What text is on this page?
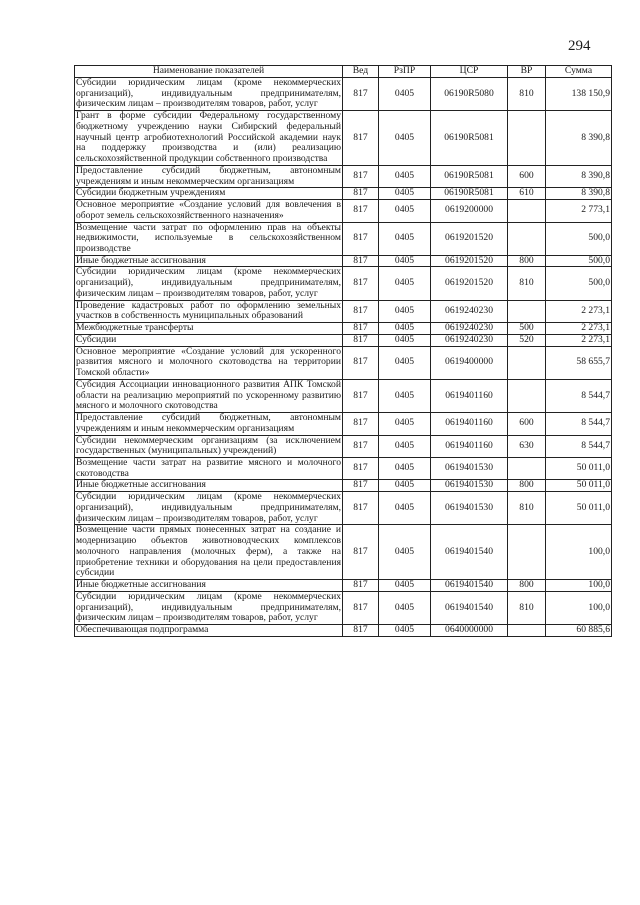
294
Наименование показателей	Вед	РзПР	ЦСР	ВР	Сумма
Субсидии юридическим лицам (кроме некоммерческих организаций), индивидуальным предпринимателям, физическим лицам – производителям товаров, работ, услуг	817	0405	06190R5080	810	138 150,9
Грант в форме субсидии Федеральному государственному бюджетному учреждению науки Сибирский федеральный научный центр агробиотехнологий Российской академии наук на поддержку производства и (или) реализацию сельскохозяйственной продукции собственного производства	817	0405	06190R5081		8 390,8
Предоставление субсидий бюджетным, автономным учреждениям и иным некоммерческим организациям	817	0405	06190R5081	600	8 390,8
Субсидии бюджетным учреждениям	817	0405	06190R5081	610	8 390,8
Основное мероприятие «Создание условий для вовлечения в оборот земель сельскохозяйственного назначения»	817	0405	0619200000		2 773,1
Возмещение части затрат по оформлению прав на объекты недвижимости, используемые в сельскохозяйственном производстве	817	0405	0619201520		500,0
Иные бюджетные ассигнования	817	0405	0619201520	800	500,0
Субсидии юридическим лицам (кроме некоммерческих организаций), индивидуальным предпринимателям, физическим лицам – производителям товаров, работ, услуг	817	0405	0619201520	810	500,0
Проведение кадастровых работ по оформлению земельных участков в собственность муниципальных образований	817	0405	0619240230		2 273,1
Межбюджетные трансферты	817	0405	0619240230	500	2 273,1
Субсидии	817	0405	0619240230	520	2 273,1
Основное мероприятие «Создание условий для ускоренного развития мясного и молочного скотоводства на территории Томской области»	817	0405	0619400000		58 655,7
Субсидия Ассоциации инновационного развития АПК Томской области на реализацию мероприятий по ускоренному развитию мясного и молочного скотоводства	817	0405	0619401160		8 544,7
Предоставление субсидий бюджетным, автономным учреждениям и иным некоммерческим организациям	817	0405	0619401160	600	8 544,7
Субсидии некоммерческим организациям (за исключением государственных (муниципальных) учреждений)	817	0405	0619401160	630	8 544,7
Возмещение части затрат на развитие мясного и молочного скотоводства	817	0405	0619401530		50 011,0
Иные бюджетные ассигнования	817	0405	0619401530	800	50 011,0
Субсидии юридическим лицам (кроме некоммерческих организаций), индивидуальным предпринимателям, физическим лицам – производителям товаров, работ, услуг	817	0405	0619401530	810	50 011,0
Возмещение части прямых понесенных затрат на создание и модернизацию объектов животноводческих комплексов молочного направления (молочных ферм), а также на приобретение техники и оборудования на цели предоставления субсидии	817	0405	0619401540		100,0
Иные бюджетные ассигнования	817	0405	0619401540	800	100,0
Субсидии юридическим лицам (кроме некоммерческих организаций), индивидуальным предпринимателям, физическим лицам – производителям товаров, работ, услуг	817	0405	0619401540	810	100,0
Обеспечивающая подпрограмма	817	0405	0640000000		60 885,6
